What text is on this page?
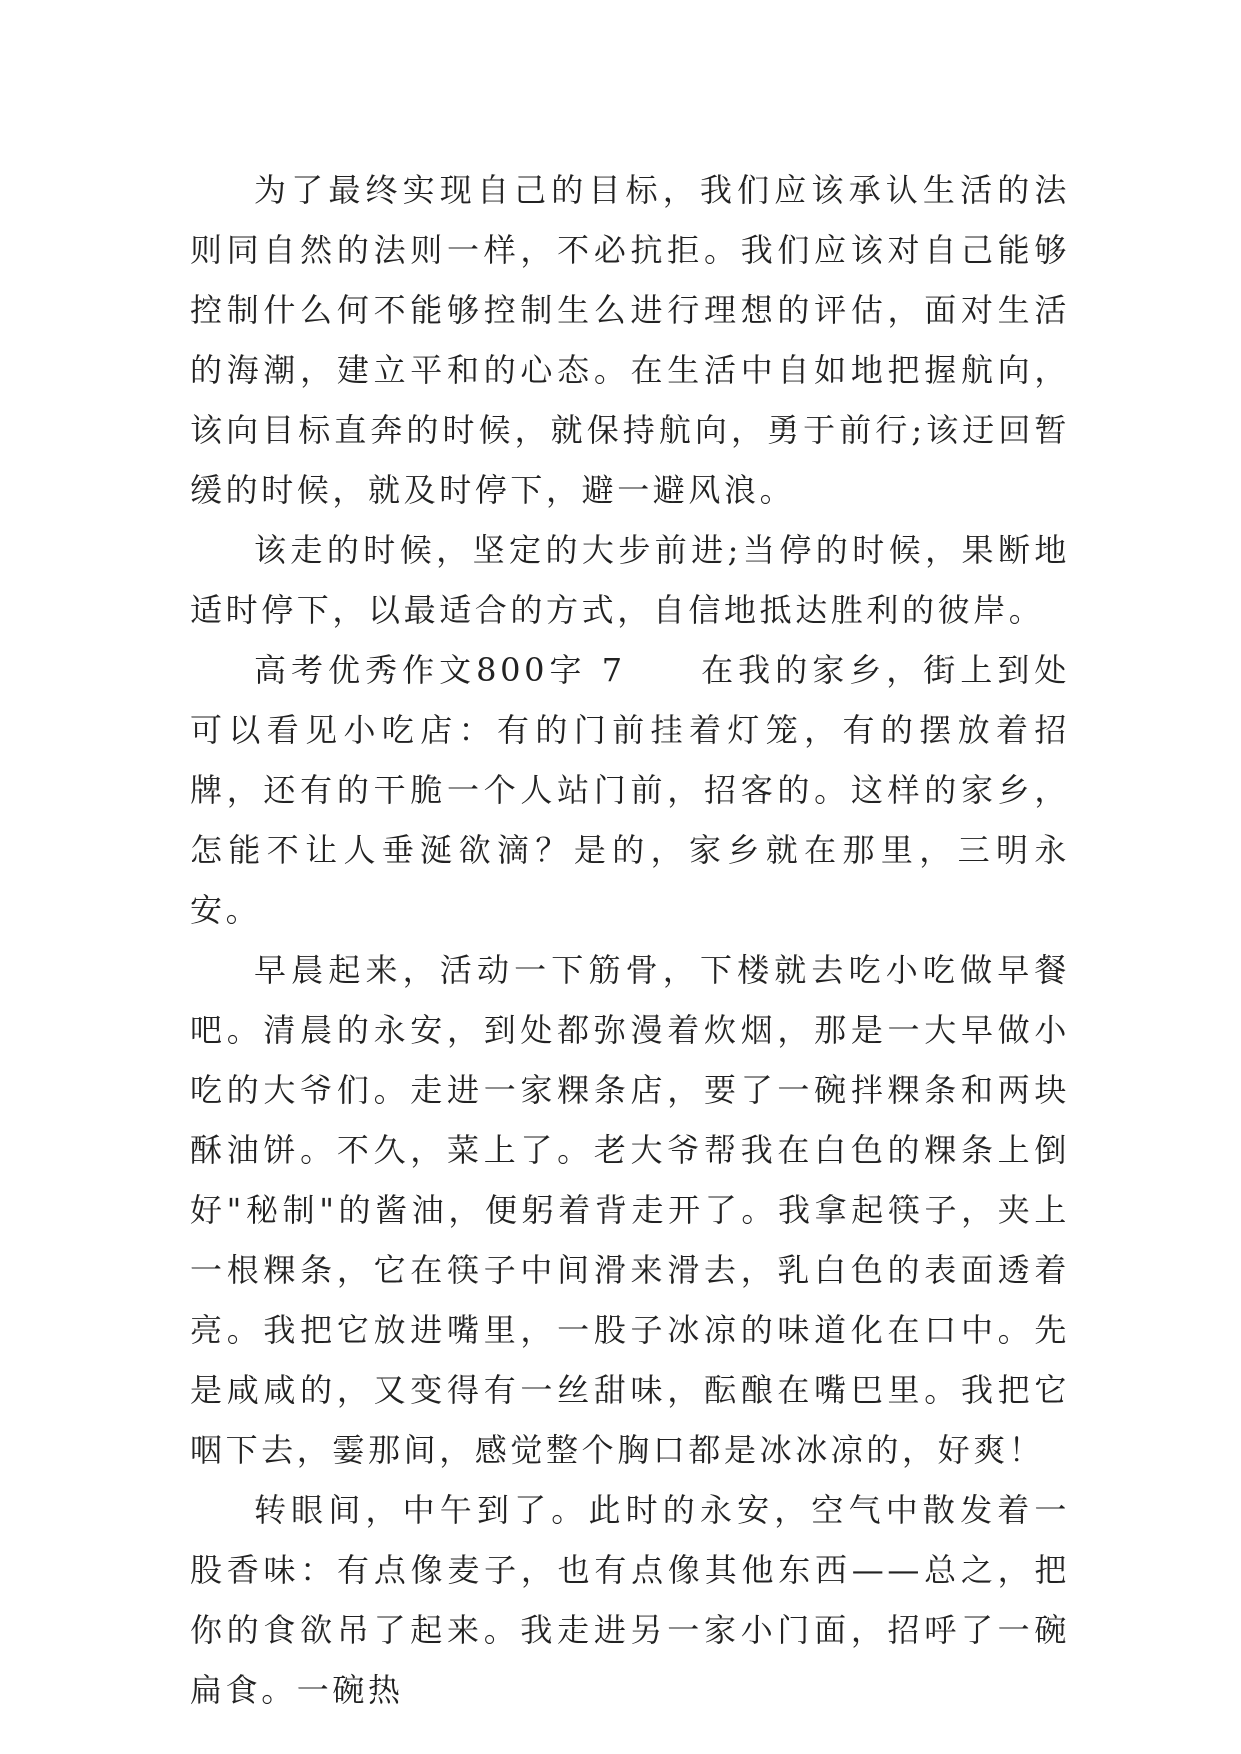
为了最终实现自己的目标，我们应该承认生活的法则同自然的法则一样，不必抗拒。我们应该对自己能够控制什么何不能够控制生么进行理想的评估，面对生活的海潮，建立平和的心态。在生活中自如地把握航向，该向目标直奔的时候，就保持航向，勇于前行;该迂回暂缓的时候，就及时停下，避一避风浪。

该走的时候，坚定的大步前进;当停的时候，果断地适时停下，以最适合的方式，自信地抵达胜利的彼岸。

高考优秀作文800字 7　　在我的家乡，街上到处可以看见小吃店：有的门前挂着灯笼，有的摆放着招牌，还有的干脆一个人站门前，招客的。这样的家乡，怎能不让人垂涎欲滴？是的，家乡就在那里，三明永安。

早晨起来，活动一下筋骨，下楼就去吃小吃做早餐吧。清晨的永安，到处都弥漫着炊烟，那是一大早做小吃的大爷们。走进一家粿条店，要了一碗拌粿条和两块酥油饼。不久，菜上了。老大爷帮我在白色的粿条上倒好"秘制"的酱油，便躬着背走开了。我拿起筷子，夹上一根粿条，它在筷子中间滑来滑去，乳白色的表面透着亮。我把它放进嘴里，一股子冰凉的味道化在口中。先是咸咸的，又变得有一丝甜味，酝酿在嘴巴里。我把它咽下去，霎那间，感觉整个胸口都是冰冰凉的，好爽！

转眼间，中午到了。此时的永安，空气中散发着一股香味：有点像麦子，也有点像其他东西——总之，把你的食欲吊了起来。我走进另一家小门面，招呼了一碗扁食。一碗热
